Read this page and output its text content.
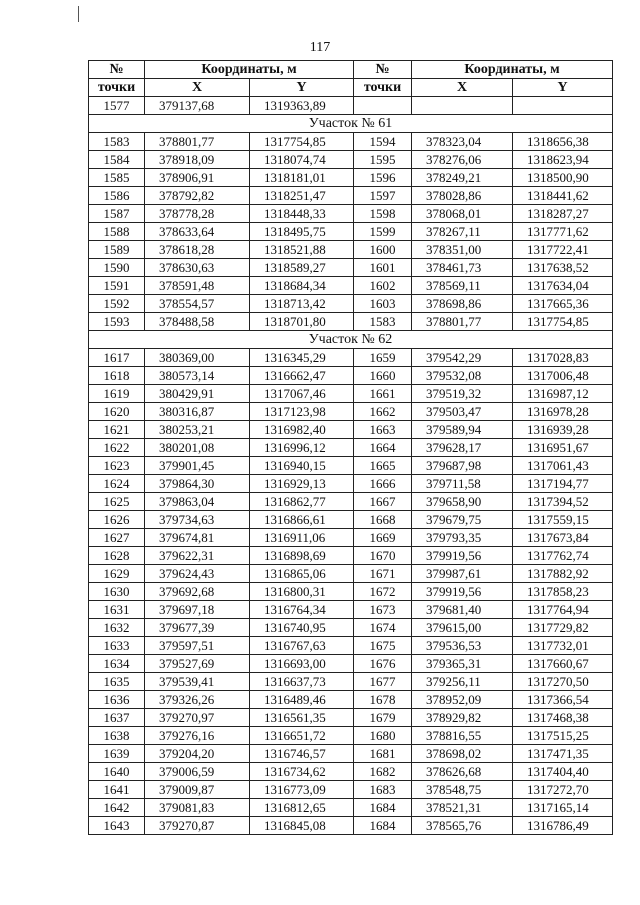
117
№	Координаты, м		№	Координаты, м	
точки	X	Y	точки	X	Y
1577	379137,68	1319363,89			
Участок № 61					
1583	378801,77	1317754,85	1594	378323,04	1318656,38
1584	378918,09	1318074,74	1595	378276,06	1318623,94
1585	378906,91	1318181,01	1596	378249,21	1318500,90
1586	378792,82	1318251,47	1597	378028,86	1318441,62
1587	378778,28	1318448,33	1598	378068,01	1318287,27
1588	378633,64	1318495,75	1599	378267,11	1317771,62
1589	378618,28	1318521,88	1600	378351,00	1317722,41
1590	378630,63	1318589,27	1601	378461,73	1317638,52
1591	378591,48	1318684,34	1602	378569,11	1317634,04
1592	378554,57	1318713,42	1603	378698,86	1317665,36
1593	378488,58	1318701,80	1583	378801,77	1317754,85
Участок № 62					
1617	380369,00	1316345,29	1659	379542,29	1317028,83
1618	380573,14	1316662,47	1660	379532,08	1317006,48
1619	380429,91	1317067,46	1661	379519,32	1316987,12
1620	380316,87	1317123,98	1662	379503,47	1316978,28
1621	380253,21	1316982,40	1663	379589,94	1316939,28
1622	380201,08	1316996,12	1664	379628,17	1316951,67
1623	379901,45	1316940,15	1665	379687,98	1317061,43
1624	379864,30	1316929,13	1666	379711,58	1317194,77
1625	379863,04	1316862,77	1667	379658,90	1317394,52
1626	379734,63	1316866,61	1668	379679,75	1317559,15
1627	379674,81	1316911,06	1669	379793,35	1317673,84
1628	379622,31	1316898,69	1670	379919,56	1317762,74
1629	379624,43	1316865,06	1671	379987,61	1317882,92
1630	379692,68	1316800,31	1672	379919,56	1317858,23
1631	379697,18	1316764,34	1673	379681,40	1317764,94
1632	379677,39	1316740,95	1674	379615,00	1317729,82
1633	379597,51	1316767,63	1675	379536,53	1317732,01
1634	379527,69	1316693,00	1676	379365,31	1317660,67
1635	379539,41	1316637,73	1677	379256,11	1317270,50
1636	379326,26	1316489,46	1678	378952,09	1317366,54
1637	379270,97	1316561,35	1679	378929,82	1317468,38
1638	379276,16	1316651,72	1680	378816,55	1317515,25
1639	379204,20	1316746,57	1681	378698,02	1317471,35
1640	379006,59	1316734,62	1682	378626,68	1317404,40
1641	379009,87	1316773,09	1683	378548,75	1317272,70
1642	379081,83	1316812,65	1684	378521,31	1317165,14
1643	379270,87	1316845,08	1684	378565,76	1316786,49
